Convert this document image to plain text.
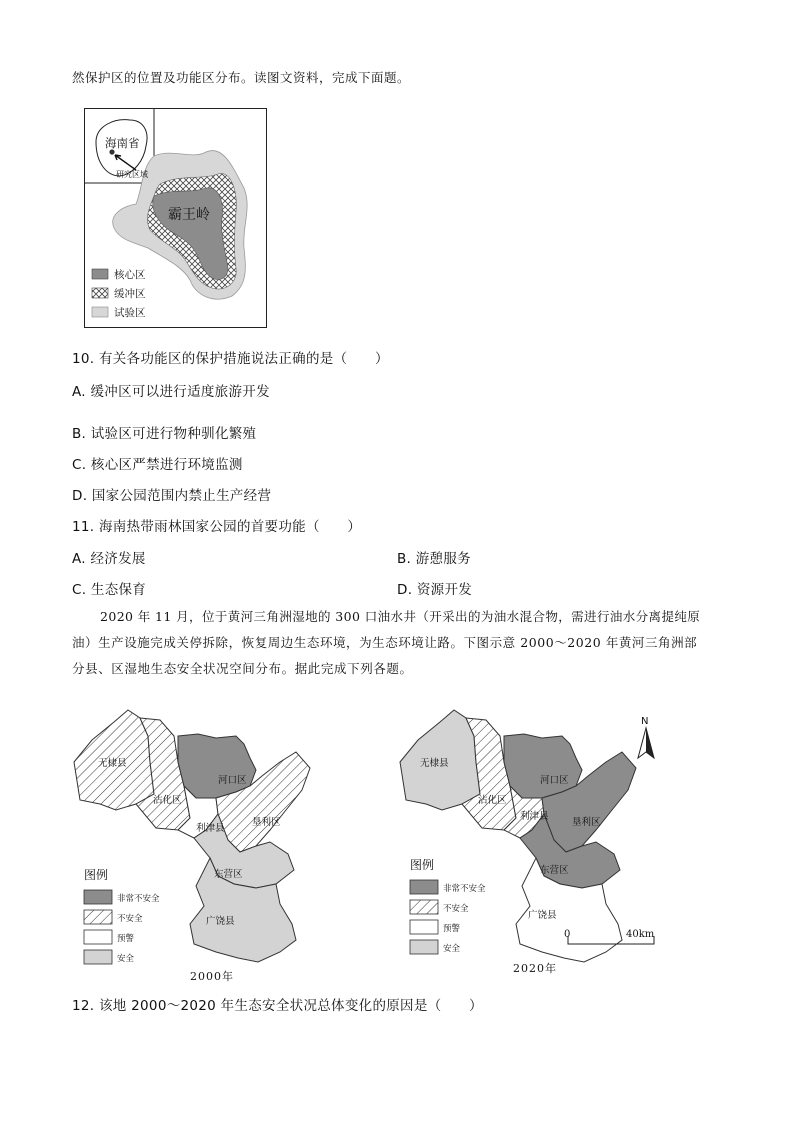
然保护区的位置及功能区分布。读图文资料，完成下面题。
海南省
研究区域
霸王岭
核心区
缓冲区
试验区
10. 有关各功能区的保护措施说法正确的是（　　）
A. 缓冲区可以进行适度旅游开发
B. 试验区可进行物种驯化繁殖
C. 核心区严禁进行环境监测
D. 国家公园范围内禁止生产经营
11. 海南热带雨林国家公园的首要功能（　　）
A. 经济发展	B. 游憩服务
C. 生态保育	D. 资源开发
2020 年 11 月，位于黄河三角洲湿地的 300 口油水井（开采出的为油水混合物，需进行油水分离提纯原
油）生产设施完成关停拆除，恢复周边生态环境，为生态环境让路。下图示意 2000～2020 年黄河三角洲部
分县、区湿地生态安全状况空间分布。据此完成下列各题。
无棣县
沾化区
河口区
利津县
垦利区
东营区
广饶县
图例
非常不安全
不安全
预警
安全
2000年
无棣县
沾化区
河口区
利津县
垦利区
东营区
广饶县
图例
非常不安全
不安全
预警
安全
2020年
N
0	40km
12. 该地 2000～2020 年生态安全状况总体变化的原因是（　　）
